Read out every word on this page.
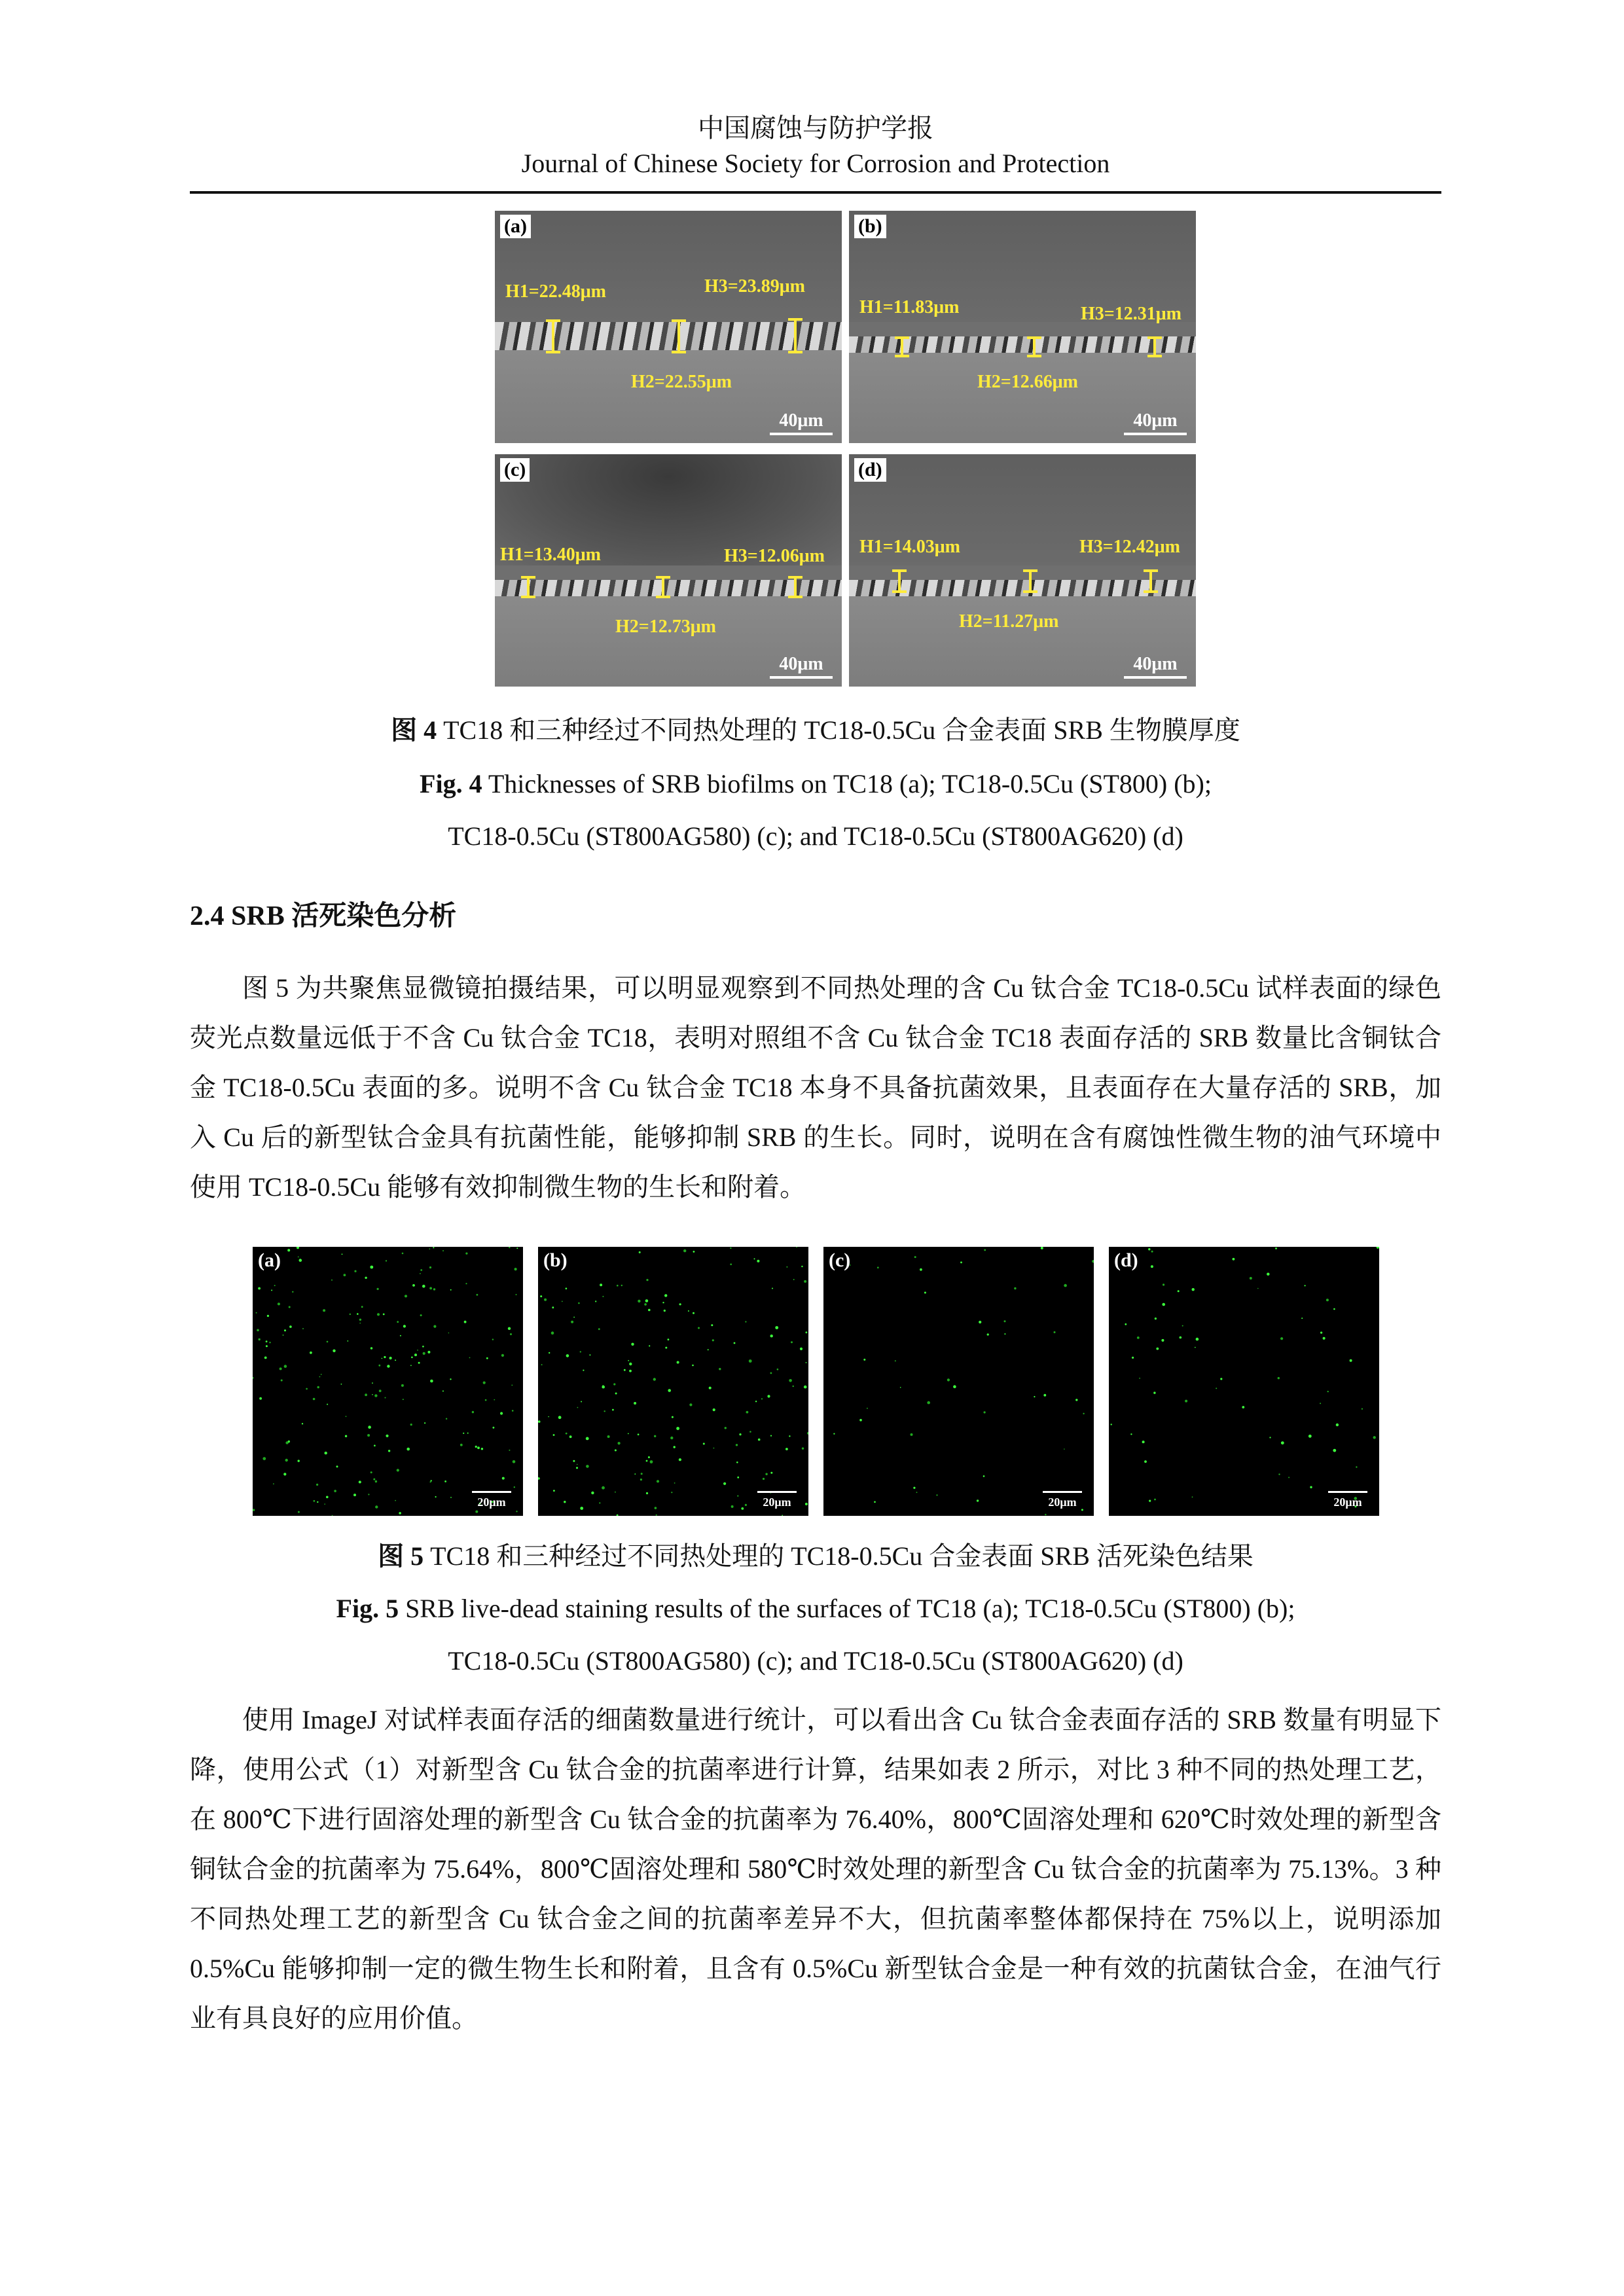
中国腐蚀与防护学报
Journal of Chinese Society for Corrosion and Protection
(a)
H1=22.48μm	H3=23.89μm
H2=22.55μm
40μm
(b)
H1=11.83μm	H3=12.31μm
H2=12.66μm
40μm
(c)
H1=13.40μm	H3=12.06μm
H2=12.73μm
40μm
(d)
H1=14.03μm	H3=12.42μm
H2=11.27μm
40μm
图 4 TC18 和三种经过不同热处理的 TC18-0.5Cu 合金表面 SRB 生物膜厚度
Fig. 4 Thicknesses of SRB biofilms on TC18 (a); TC18-0.5Cu (ST800) (b);
TC18-0.5Cu (ST800AG580) (c); and TC18-0.5Cu (ST800AG620) (d)
2.4 SRB 活死染色分析
图 5 为共聚焦显微镜拍摄结果，可以明显观察到不同热处理的含 Cu 钛合金 TC18-0.5Cu 试样表面的绿色荧光点数量远低于不含 Cu 钛合金 TC18，表明对照组不含 Cu 钛合金 TC18 表面存活的 SRB 数量比含铜钛合金 TC18-0.5Cu 表面的多。说明不含 Cu 钛合金 TC18 本身不具备抗菌效果，且表面存在大量存活的 SRB，加入 Cu 后的新型钛合金具有抗菌性能，能够抑制 SRB 的生长。同时，说明在含有腐蚀性微生物的油气环境中使用 TC18-0.5Cu 能够有效抑制微生物的生长和附着。
(a)
20μm
(b)
20μm
(c)
20μm
(d)
20μm
图 5 TC18 和三种经过不同热处理的 TC18-0.5Cu 合金表面 SRB 活死染色结果
Fig. 5 SRB live-dead staining results of the surfaces of TC18 (a); TC18-0.5Cu (ST800) (b);
TC18-0.5Cu (ST800AG580) (c); and TC18-0.5Cu (ST800AG620) (d)
使用 ImageJ 对试样表面存活的细菌数量进行统计，可以看出含 Cu 钛合金表面存活的 SRB 数量有明显下降，使用公式（1）对新型含 Cu 钛合金的抗菌率进行计算，结果如表 2 所示，对比 3 种不同的热处理工艺，在 800℃下进行固溶处理的新型含 Cu 钛合金的抗菌率为 76.40%，800℃固溶处理和 620℃时效处理的新型含铜钛合金的抗菌率为 75.64%，800℃固溶处理和 580℃时效处理的新型含 Cu 钛合金的抗菌率为 75.13%。3 种不同热处理工艺的新型含 Cu 钛合金之间的抗菌率差异不大，但抗菌率整体都保持在 75%以上，说明添加 0.5%Cu 能够抑制一定的微生物生长和附着，且含有 0.5%Cu 新型钛合金是一种有效的抗菌钛合金，在油气行业有具良好的应用价值。
